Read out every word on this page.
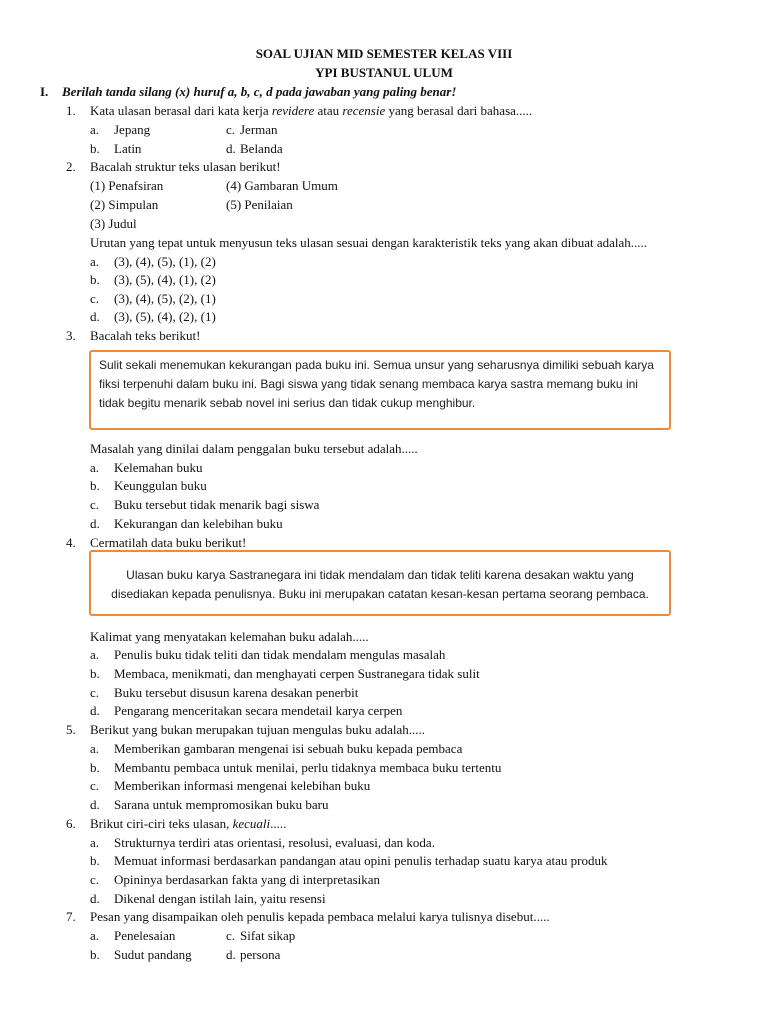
SOAL UJIAN MID SEMESTER KELAS VIII
YPI BUSTANUL ULUM
I. Berilah tanda silang (x) huruf a, b, c, d pada jawaban yang paling benar!
1. Kata ulasan berasal dari kata kerja revidere atau recensie yang berasal dari bahasa.....
a. Jepang	c. Jerman
b. Latin	d. Belanda
2. Bacalah struktur teks ulasan berikut!
(1) Penafsiran	(4) Gambaran Umum
(2) Simpulan	(5) Penilaian
(3) Judul
Urutan yang tepat untuk menyusun teks ulasan sesuai dengan karakteristik teks yang akan dibuat adalah.....
a. (3), (4), (5), (1), (2)
b. (3), (5), (4), (1), (2)
c. (3), (4), (5), (2), (1)
d. (3), (5), (4), (2), (1)
3. Bacalah teks berikut!
Sulit sekali menemukan kekurangan pada buku ini. Semua unsur yang seharusnya dimiliki sebuah karya fiksi terpenuhi dalam buku ini. Bagi siswa yang tidak senang membaca karya sastra memang buku ini tidak begitu menarik sebab novel ini serius dan tidak cukup menghibur.
Masalah yang dinilai dalam penggalan buku tersebut adalah.....
a. Kelemahan buku
b. Keunggulan buku
c. Buku tersebut tidak menarik bagi siswa
d. Kekurangan dan kelebihan buku
4. Cermatilah data buku berikut!
Ulasan buku karya Sastranegara ini tidak mendalam dan tidak teliti karena desakan waktu yang disediakan kepada penulisnya. Buku ini merupakan catatan kesan-kesan pertama seorang pembaca.
Kalimat yang menyatakan kelemahan buku adalah.....
a. Penulis buku tidak teliti dan tidak mendalam mengulas masalah
b. Membaca, menikmati, dan menghayati cerpen Sustranegara tidak sulit
c. Buku tersebut disusun karena desakan penerbit
d. Pengarang menceritakan secara mendetail karya cerpen
5. Berikut yang bukan merupakan tujuan mengulas buku adalah.....
a. Memberikan gambaran mengenai isi sebuah buku kepada pembaca
b. Membantu pembaca untuk menilai, perlu tidaknya membaca buku tertentu
c. Memberikan informasi mengenai kelebihan buku
d. Sarana untuk mempromosikan buku baru
6. Brikut ciri-ciri teks ulasan, kecuali.....
a. Strukturnya terdiri atas orientasi, resolusi, evaluasi, dan koda.
b. Memuat informasi berdasarkan pandangan atau opini penulis terhadap suatu karya atau produk
c. Opininya berdasarkan fakta yang di interpretasikan
d. Dikenal dengan istilah lain, yaitu resensi
7. Pesan yang disampaikan oleh penulis kepada pembaca melalui karya tulisnya disebut.....
a. Penelesaian	c. Sifat sikap
b. Sudut pandang	d. persona
